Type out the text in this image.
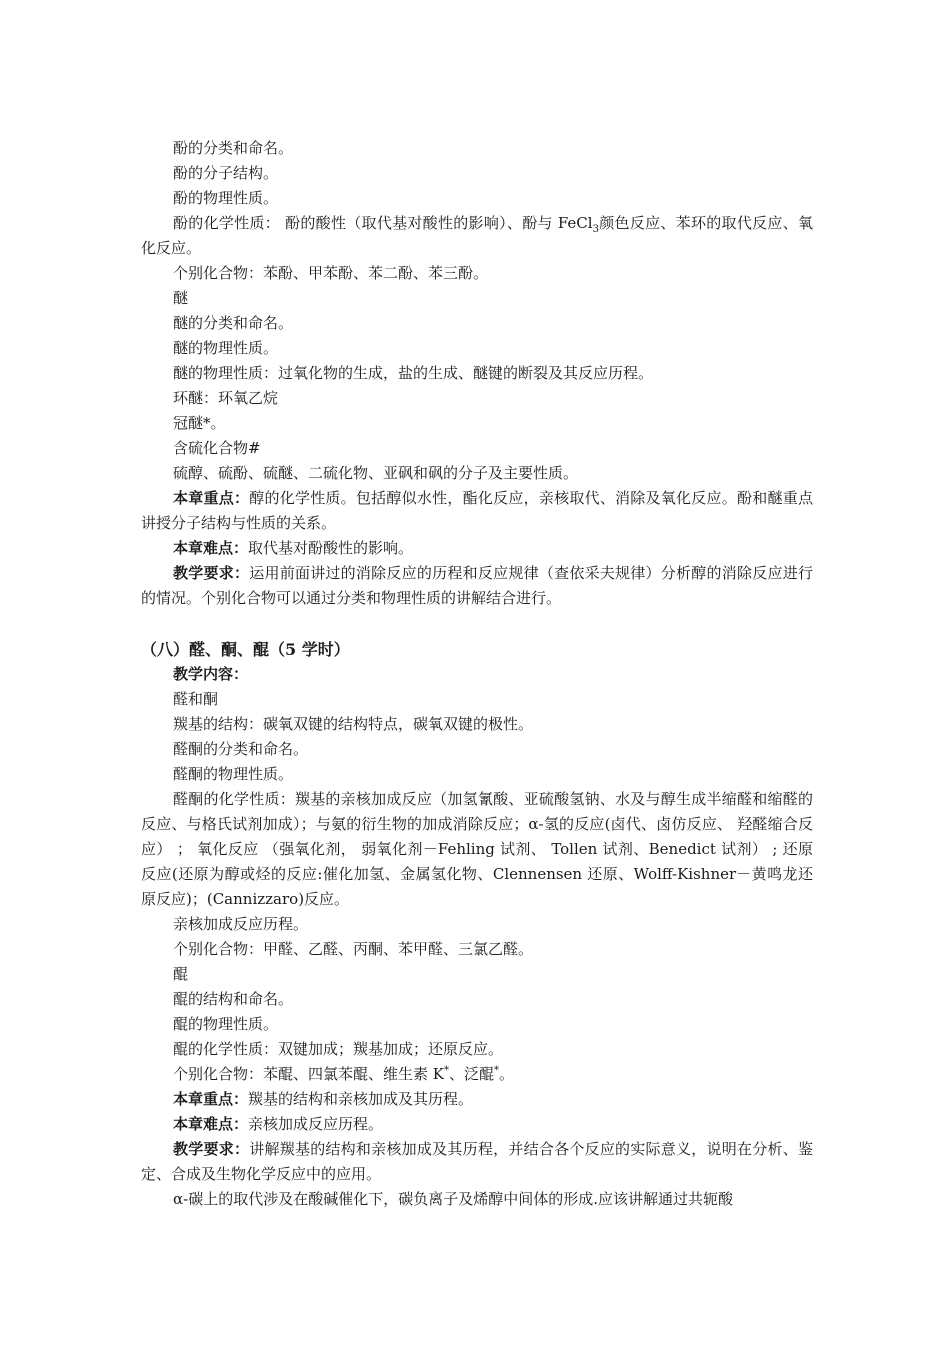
酚的分类和命名。

酚的分子结构。

酚的物理性质。

酚的化学性质： 酚的酸性（取代基对酸性的影响）、酚与 FeCl$_3$颜色反应、苯环的取代反应、氧化反应。

个别化合物：苯酚、甲苯酚、苯二酚、苯三酚。

醚

醚的分类和命名。

醚的物理性质。

醚的物理性质：过氧化物的生成，盐的生成、醚键的断裂及其反应历程。

环醚：环氧乙烷

冠醚*。

含硫化合物#

硫醇、硫酚、硫醚、二硫化物、亚砜和砜的分子及主要性质。

本章重点：醇的化学性质。包括醇似水性，酯化反应，亲核取代、消除及氧化反应。酚和醚重点讲授分子结构与性质的关系。

本章难点：取代基对酚酸性的影响。

教学要求：运用前面讲过的消除反应的历程和反应规律（查依采夫规律）分析醇的消除反应进行的情况。个别化合物可以通过分类和物理性质的讲解结合进行。

（八）醛、酮、醌（5 学时）

教学内容：

醛和酮

羰基的结构：碳氧双键的结构特点，碳氧双键的极性。

醛酮的分类和命名。

醛酮的物理性质。

醛酮的化学性质：羰基的亲核加成反应（加氢氰酸、亚硫酸氢钠、水及与醇生成半缩醛和缩醛的反应、与格氏试剂加成）；与氨的衍生物的加成消除反应；α-氢的反应(卤代、卤仿反应、 羟醛缩合反应） ； 氧化反应 （强氧化剂， 弱氧化剂－Fehling 试剂、 Tollen 试剂、Benedict 试剂） ; 还原反应(还原为醇或烃的反应:催化加氢、金属氢化物、Clennensen 还原、Wolff-Kishner－黄鸣龙还原反应)；(Cannizzaro)反应。

亲核加成反应历程。

个别化合物：甲醛、乙醛、丙酮、苯甲醛、三氯乙醛。

醌

醌的结构和命名。

醌的物理性质。

醌的化学性质：双键加成；羰基加成；还原反应。

个别化合物：苯醌、四氯苯醌、维生素 K*、泛醌*。

本章重点：羰基的结构和亲核加成及其历程。

本章难点：亲核加成反应历程。

教学要求：讲解羰基的结构和亲核加成及其历程，并结合各个反应的实际意义，说明在分析、鉴定、合成及生物化学反应中的应用。

α-碳上的取代涉及在酸碱催化下，碳负离子及烯醇中间体的形成.应该讲解通过共轭酸
